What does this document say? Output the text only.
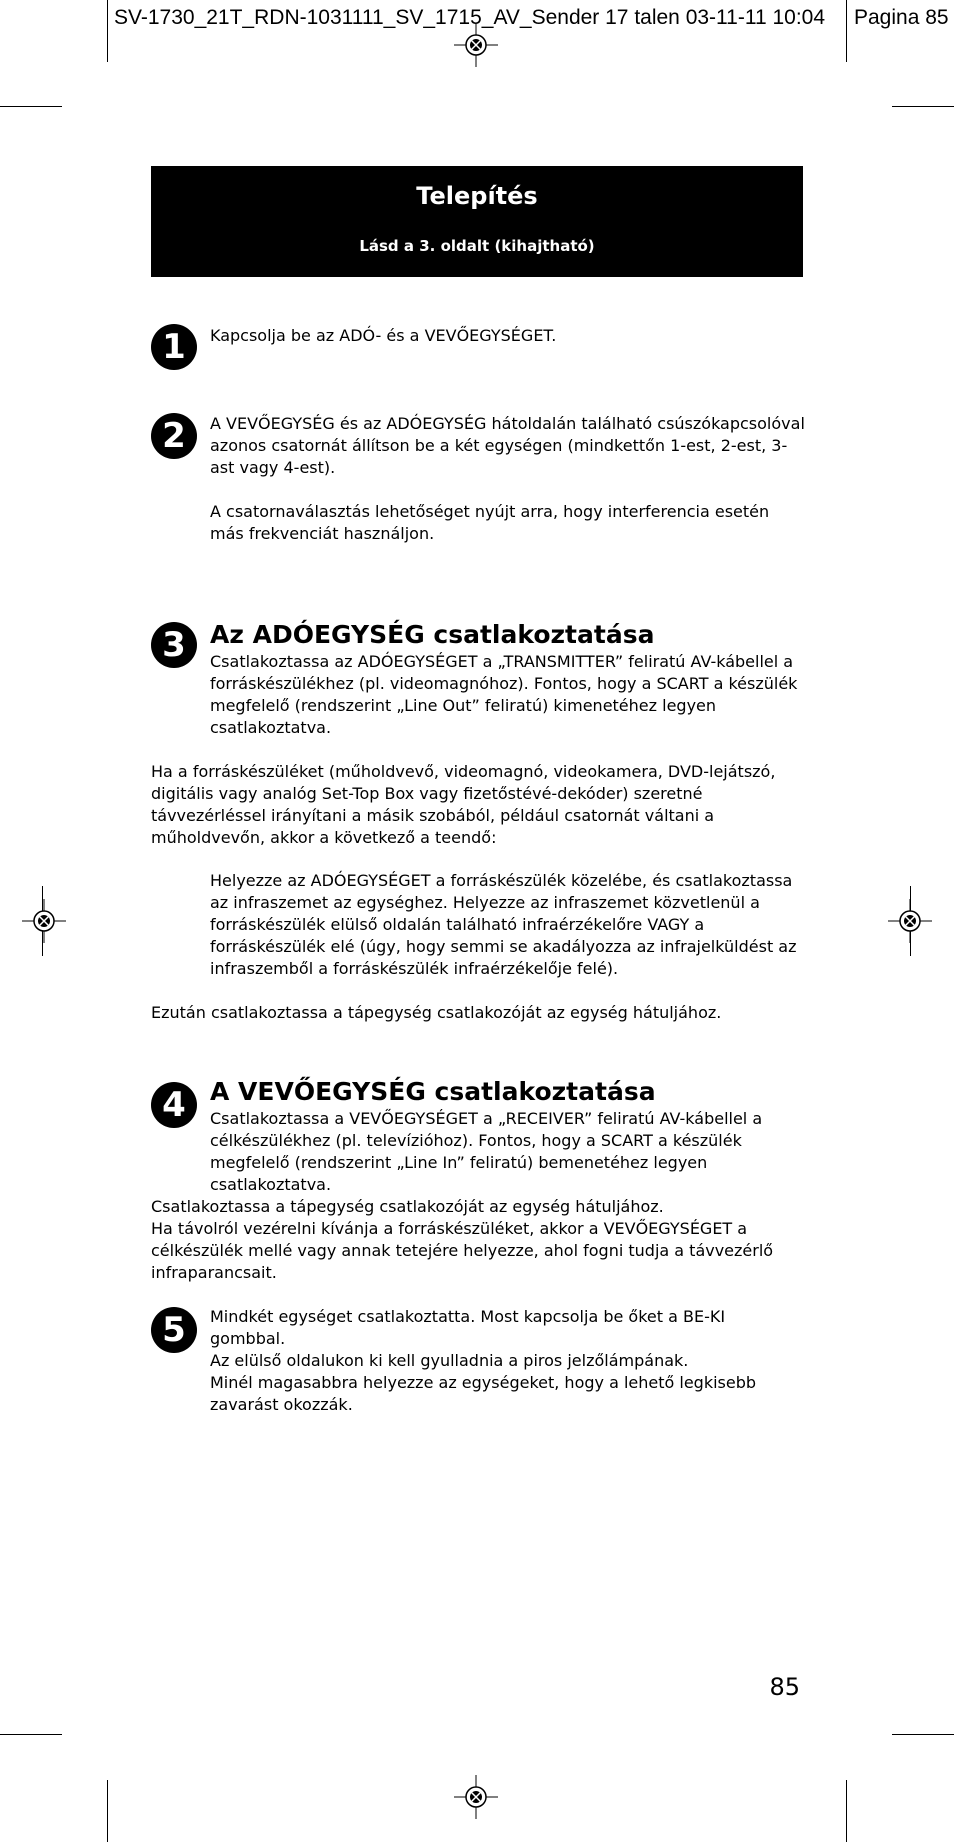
SV-1730_21T_RDN-1031111_SV_1715_AV_Sender 17 talen 03-11-11 10:04 Pagina 85
Telepítés
Lásd a 3. oldalt (kihajtható)
1	Kapcsolja be az ADÓ- és a VEVŐEGYSÉGET.

2	A VEVŐEGYSÉG és az ADÓEGYSÉG hátoldalán található csúszókapcsolóval azonos csatornát állítson be a két egységen (mindkettőn 1-est, 2-est, 3-ast vagy 4-est).

A csatornaválasztás lehetőséget nyújt arra, hogy interferencia esetén más frekvenciát használjon.

3 Az ADÓEGYSÉG csatlakoztatása
Csatlakoztassa az ADÓEGYSÉGET a „TRANSMITTER” feliratú AV-kábellel a forráskészülékhez (pl. videomagnóhoz). Fontos, hogy a SCART a készülék megfelelő (rendszerint „Line Out” feliratú) kimenetéhez legyen csatlakoztatva.
Ha a forráskészüléket (műholdvevő, videomagnó, videokamera, DVD-lejátszó, digitális vagy analóg Set-Top Box vagy fizetőstévé-dekóder) szeretné távvezérléssel irányítani a másik szobából, például csatornát váltani a műholdvevőn, akkor a következő a teendő:
Helyezze az ADÓEGYSÉGET a forráskészülék közelébe, és csatlakoztassa az infraszemet az egységhez. Helyezze az infraszemet közvetlenül a forráskészülék elülső oldalán található infraérzékelőre VAGY a forráskészülék elé (úgy, hogy semmi se akadályozza az infrajelküldést az infraszemből a forráskészülék infraérzékelője felé).
Ezután csatlakoztassa a tápegység csatlakozóját az egység hátuljához.
4 A VEVŐEGYSÉG csatlakoztatása
Csatlakoztassa a VEVŐEGYSÉGET a „RECEIVER” feliratú AV-kábellel a célkészülékhez (pl. televízióhoz). Fontos, hogy a SCART a készülék megfelelő (rendszerint „Line In” feliratú) bemenetéhez legyen csatlakoztatva.

Csatlakoztassa a tápegység csatlakozóját az egység hátuljához.

Ha távolról vezérelni kívánja a forráskészüléket, akkor a VEVŐEGYSÉGET a célkészülék mellé vagy annak tetejére helyezze, ahol fogni tudja a távvezérlő infraparancsait.

5	Mindkét egységet csatlakoztatta. Most kapcsolja be őket a BE-KI gombbal.

Az elülső oldalukon ki kell gyulladnia a piros jelzőlámpának.

Minél magasabbra helyezze az egységeket, hogy a lehető legkisebb zavarást okozzák.

85
